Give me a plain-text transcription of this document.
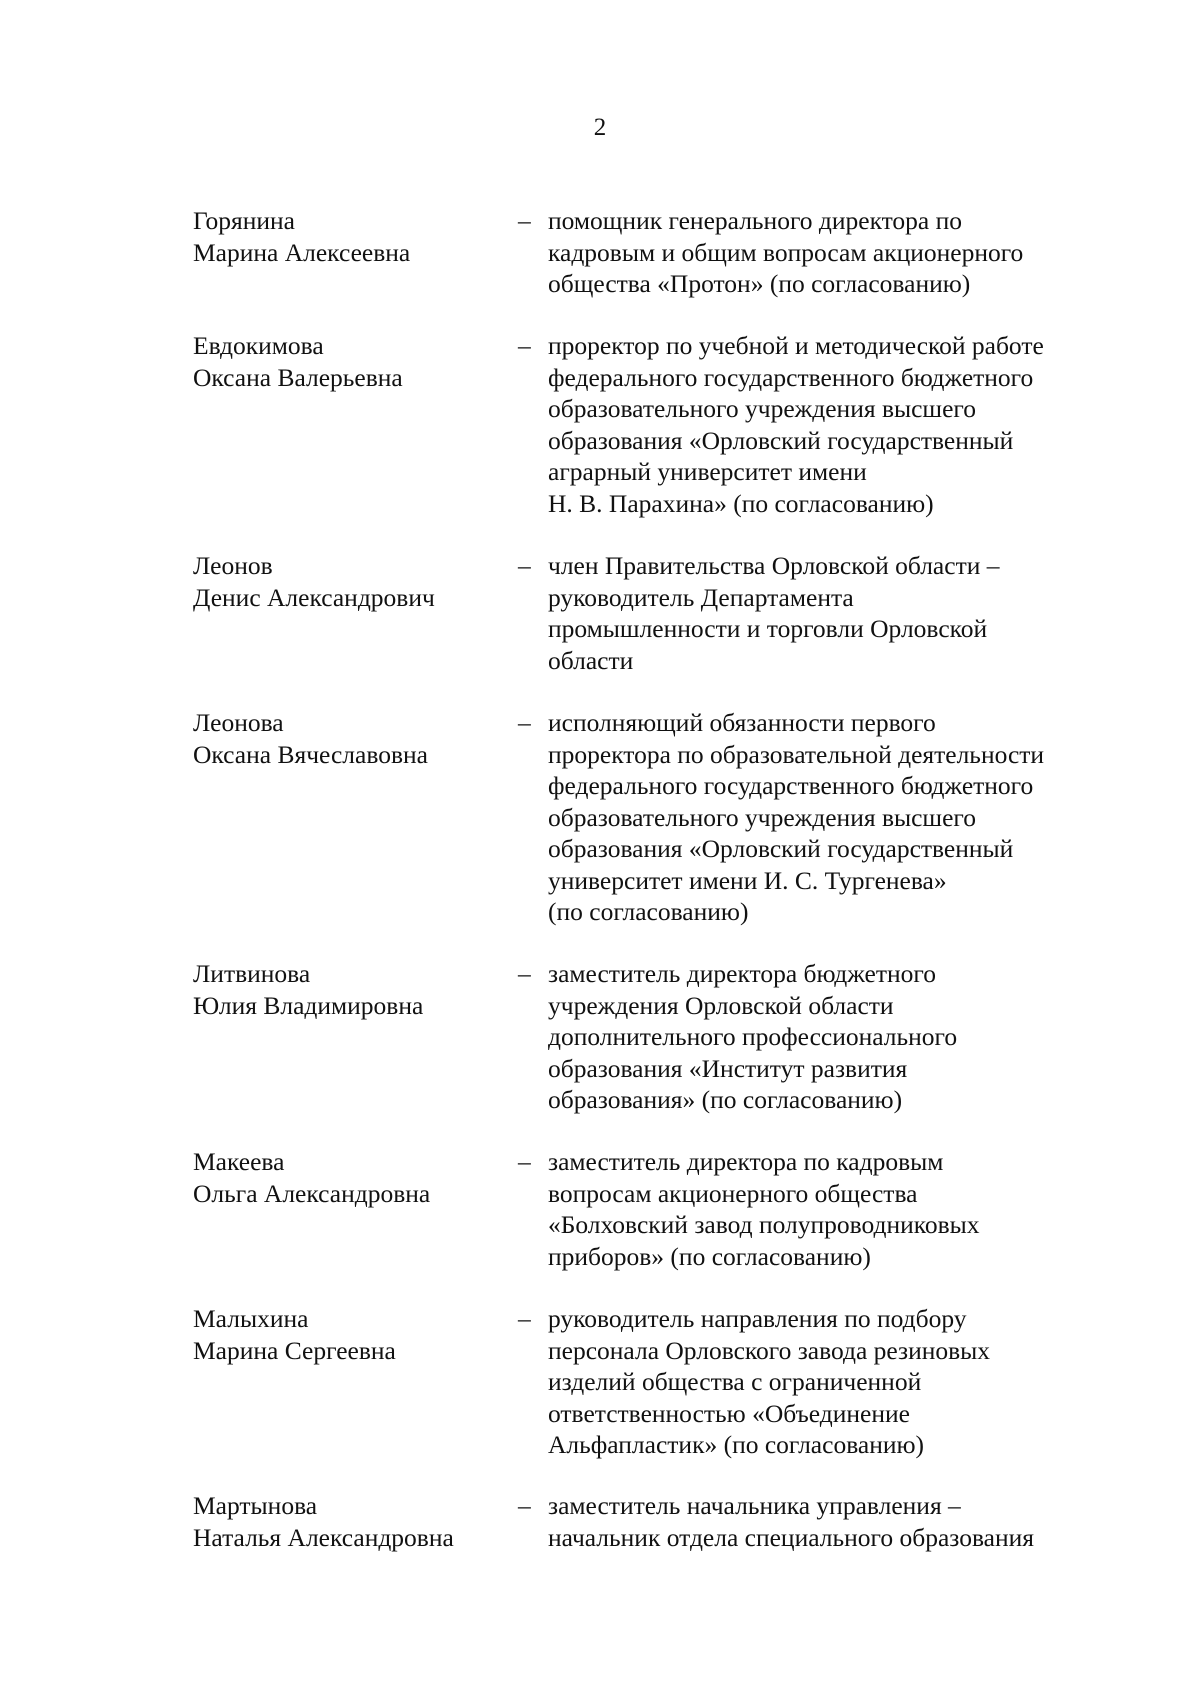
2
Горянина
Марина Алексеевна
– помощник генерального директора по
кадровым и общим вопросам акционерного
общества «Протон» (по согласованию)
Евдокимова
Оксана Валерьевна
– проректор по учебной и методической работе
федерального государственного бюджетного
образовательного учреждения высшего
образования «Орловский государственный
аграрный университет имени
Н. В. Парахина» (по согласованию)
Леонов
Денис Александрович
– член Правительства Орловской области –
руководитель Департамента
промышленности и торговли Орловской
области
Леонова
Оксана Вячеславовна
– исполняющий обязанности первого
проректора по образовательной деятельности
федерального государственного бюджетного
образовательного учреждения высшего
образования «Орловский государственный
университет имени И. С. Тургенева»
(по согласованию)
Литвинова
Юлия Владимировна
– заместитель директора бюджетного
учреждения Орловской области
дополнительного профессионального
образования «Институт развития
образования» (по согласованию)
Макеева
Ольга Александровна
– заместитель директора по кадровым
вопросам акционерного общества
«Болховский завод полупроводниковых
приборов» (по согласованию)
Малыхина
Марина Сергеевна
– руководитель направления по подбору
персонала Орловского завода резиновых
изделий общества с ограниченной
ответственностью «Объединение
Альфапластик» (по согласованию)
Мартынова
Наталья Александровна
– заместитель начальника управления –
начальник отдела специального образования
